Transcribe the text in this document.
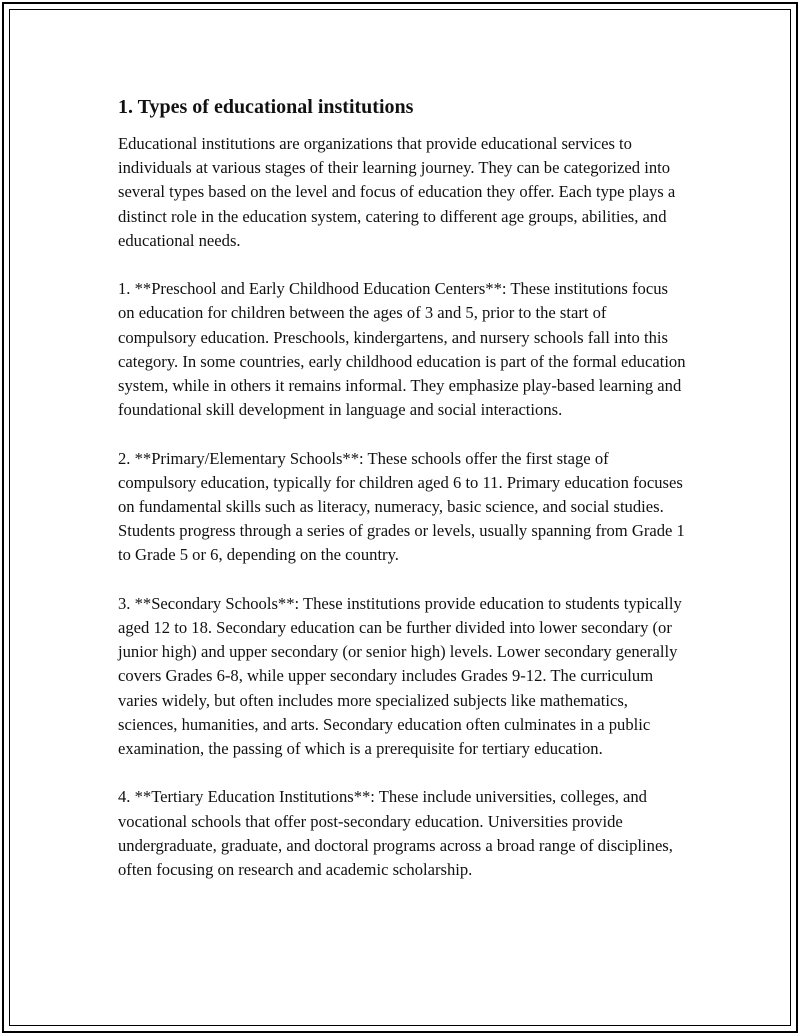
1. Types of educational institutions

Educational institutions are organizations that provide educational services to individuals at various stages of their learning journey. They can be categorized into several types based on the level and focus of education they offer. Each type plays a distinct role in the education system, catering to different age groups, abilities, and educational needs.

1. **Preschool and Early Childhood Education Centers**: These institutions focus on education for children between the ages of 3 and 5, prior to the start of compulsory education. Preschools, kindergartens, and nursery schools fall into this category. In some countries, early childhood education is part of the formal education system, while in others it remains informal. They emphasize play-based learning and foundational skill development in language and social interactions.

2. **Primary/Elementary Schools**: These schools offer the first stage of compulsory education, typically for children aged 6 to 11. Primary education focuses on fundamental skills such as literacy, numeracy, basic science, and social studies. Students progress through a series of grades or levels, usually spanning from Grade 1 to Grade 5 or 6, depending on the country.

3. **Secondary Schools**: These institutions provide education to students typically aged 12 to 18. Secondary education can be further divided into lower secondary (or junior high) and upper secondary (or senior high) levels. Lower secondary generally covers Grades 6-8, while upper secondary includes Grades 9-12. The curriculum varies widely, but often includes more specialized subjects like mathematics, sciences, humanities, and arts. Secondary education often culminates in a public examination, the passing of which is a prerequisite for tertiary education.

4. **Tertiary Education Institutions**: These include universities, colleges, and vocational schools that offer post-secondary education. Universities provide undergraduate, graduate, and doctoral programs across a broad range of disciplines, often focusing on research and academic scholarship.
